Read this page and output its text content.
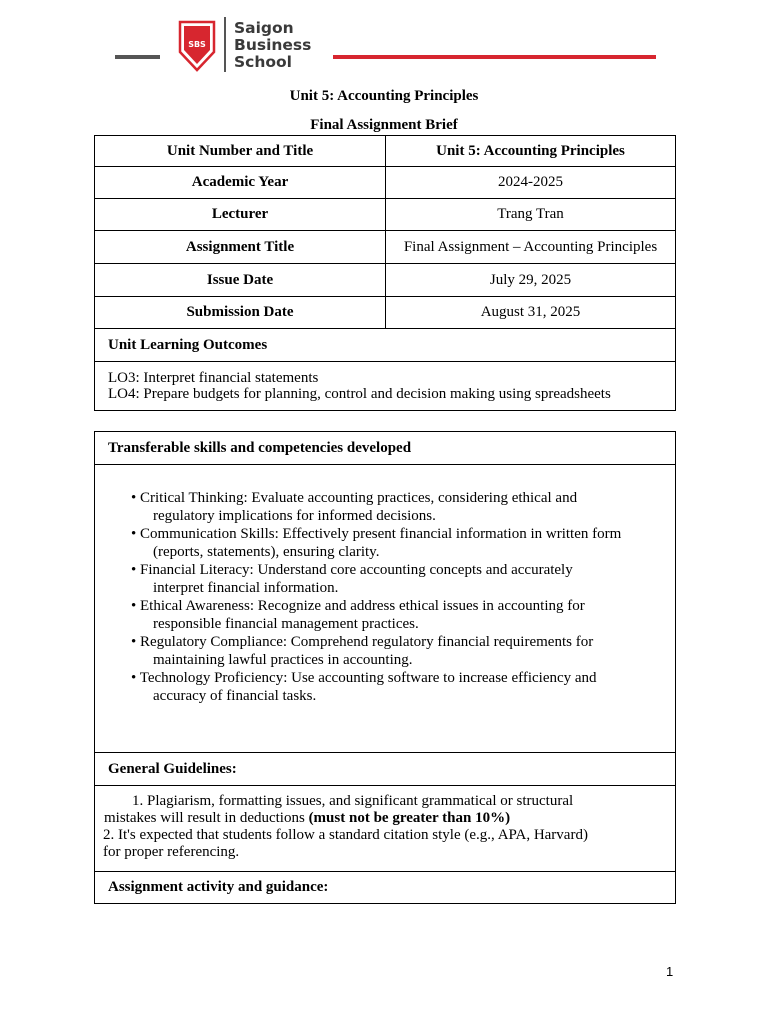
SBS
Saigon
Business
School
Unit 5: Accounting Principles
Final Assignment Brief
Unit Number and Title	Unit 5: Accounting Principles
Academic Year	2024-2025
Lecturer	Trang Tran
Assignment Title	Final Assignment – Accounting Principles
Issue Date	July 29, 2025
Submission Date	August 31, 2025
Unit Learning Outcomes	

LO3: Interpret financial statements
LO4: Prepare budgets for planning, control and decision making using spreadsheets	
Transferable skills and competencies developed

• Critical Thinking: Evaluate accounting practices, considering ethical and
regulatory implications for informed decisions.

• Communication Skills: Effectively present financial information in written form
(reports, statements), ensuring clarity.

• Financial Literacy: Understand core accounting concepts and accurately
interpret financial information.

• Ethical Awareness: Recognize and address ethical issues in accounting for
responsible financial management practices.

• Regulatory Compliance: Comprehend regulatory financial requirements for
maintaining lawful practices in accounting.

• Technology Proficiency: Use accounting software to increase efficiency and
accuracy of financial tasks.

General Guidelines:
1. Plagiarism, formatting issues, and significant grammatical or structural
mistakes will result in deductions (must not be greater than 10%)
2. It's expected that students follow a standard citation style (e.g., APA, Harvard)
for proper referencing.

Assignment activity and guidance:
1
